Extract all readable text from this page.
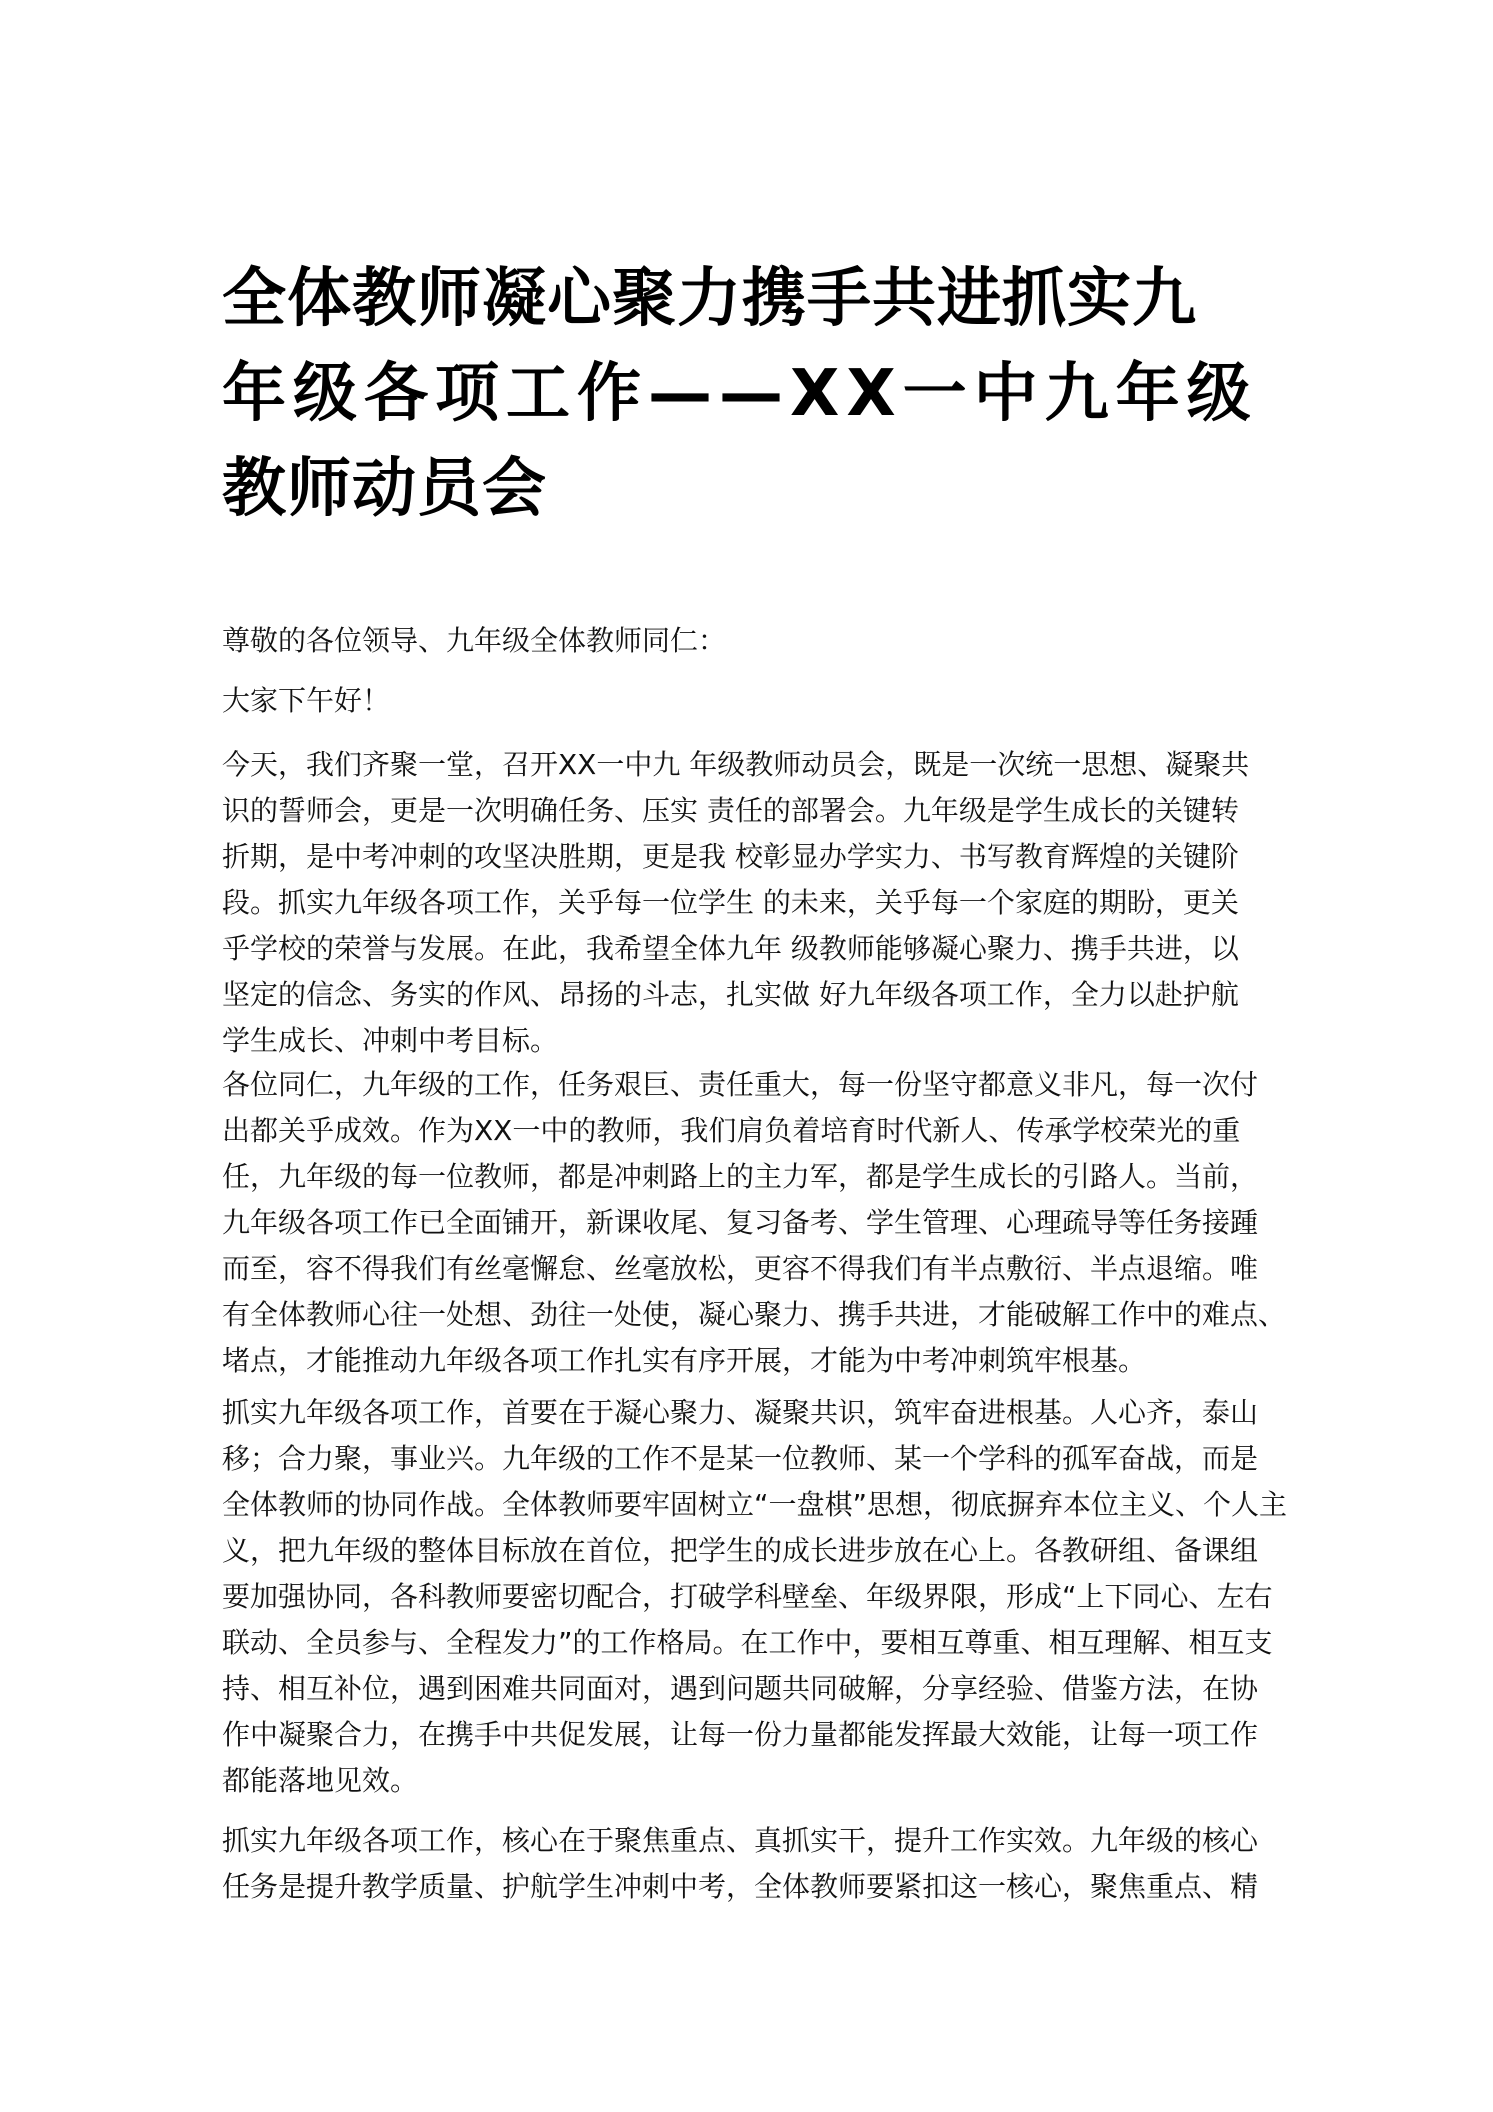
全体教师凝心聚力携手共进抓实九
年级各项工作——XX一中九年级
教师动员会

尊敬的各位领导、九年级全体教师同仁：

大家下午好！

今天，我们齐聚一堂，召开XX一中九 年级教师动员会，既是一次统一思想、凝聚共
识的誓师会，更是一次明确任务、压实 责任的部署会。九年级是学生成长的关键转
折期，是中考冲刺的攻坚决胜期，更是我 校彰显办学实力、书写教育辉煌的关键阶
段。抓实九年级各项工作，关乎每一位学生 的未来，关乎每一个家庭的期盼，更关
乎学校的荣誉与发展。在此，我希望全体九年 级教师能够凝心聚力、携手共进，以
坚定的信念、务实的作风、昂扬的斗志，扎实做 好九年级各项工作，全力以赴护航
学生成长、冲刺中考目标。

各位同仁，九年级的工作，任务艰巨、责任重大，每一份坚守都意义非凡，每一次付
出都关乎成效。作为XX一中的教师，我们肩负着培育时代新人、传承学校荣光的重
任，九年级的每一位教师，都是冲刺路上的主力军，都是学生成长的引路人。当前，
九年级各项工作已全面铺开，新课收尾、复习备考、学生管理、心理疏导等任务接踵
而至，容不得我们有丝毫懈怠、丝毫放松，更容不得我们有半点敷衍、半点退缩。唯
有全体教师心往一处想、劲往一处使，凝心聚力、携手共进，才能破解工作中的难点、
堵点，才能推动九年级各项工作扎实有序开展，才能为中考冲刺筑牢根基。

抓实九年级各项工作，首要在于凝心聚力、凝聚共识，筑牢奋进根基。人心齐，泰山
移；合力聚，事业兴。九年级的工作不是某一位教师、某一个学科的孤军奋战，而是
全体教师的协同作战。全体教师要牢固树立“一盘棋”思想，彻底摒弃本位主义、个人主
义，把九年级的整体目标放在首位，把学生的成长进步放在心上。各教研组、备课组
要加强协同，各科教师要密切配合，打破学科壁垒、年级界限，形成“上下同心、左右
联动、全员参与、全程发力”的工作格局。在工作中，要相互尊重、相互理解、相互支
持、相互补位，遇到困难共同面对，遇到问题共同破解，分享经验、借鉴方法，在协
作中凝聚合力，在携手中共促发展，让每一份力量都能发挥最大效能，让每一项工作
都能落地见效。

抓实九年级各项工作，核心在于聚焦重点、真抓实干，提升工作实效。九年级的核心
任务是提升教学质量、护航学生冲刺中考，全体教师要紧扣这一核心，聚焦重点、精
